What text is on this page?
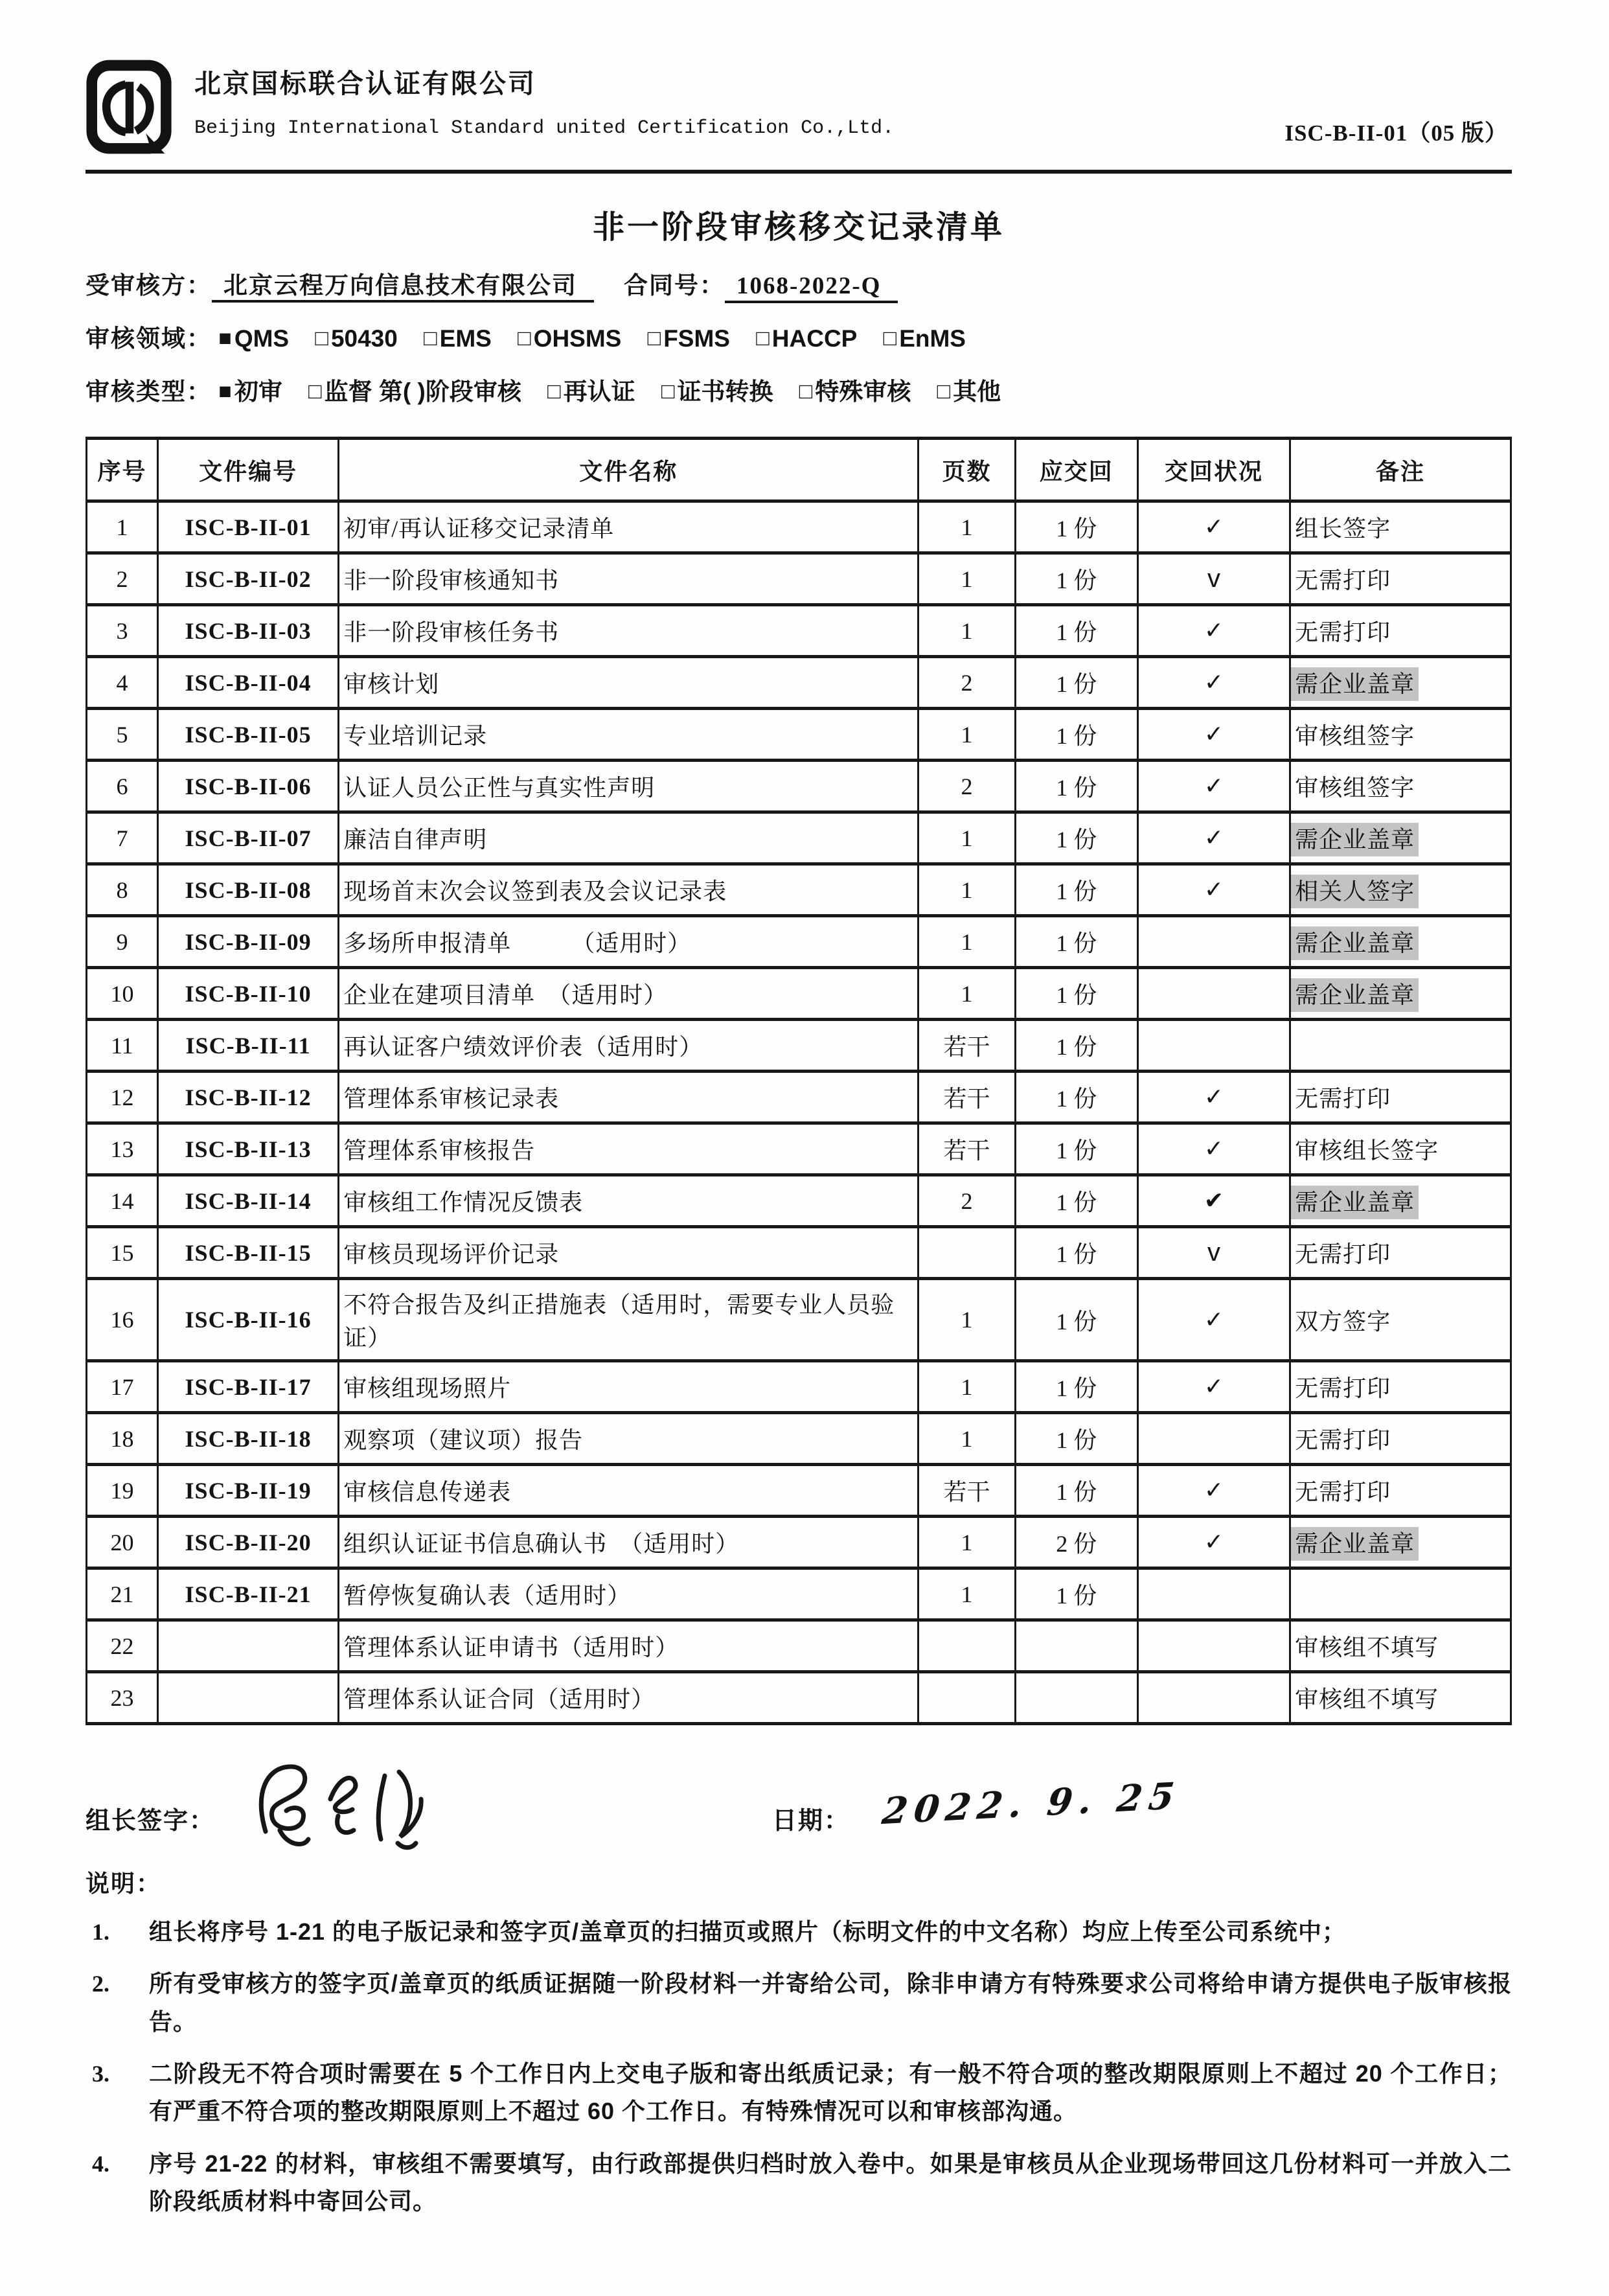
北京国标联合认证有限公司
Beijing International Standard united Certification Co.,Ltd.	ISC-B-II-01（05 版）
非一阶段审核移交记录清单
受审核方： 北京云程万向信息技术有限公司 合同号： 1068-2022-Q
审核领域： ■ QMS □ 50430 □ EMS □ OHSMS □ FSMS □ HACCP □ EnMS
审核类型： ■ 初审 □ 监督 第( )阶段审核 □ 再认证 □ 证书转换 □ 特殊审核 □ 其他
序号	文件编号	文件名称	页数	应交回	交回状况	备注
1	ISC-B-II-01	初审/再认证移交记录清单	1	1 份	✓	组长签字
2	ISC-B-II-02	非一阶段审核通知书	1	1 份	v	无需打印
3	ISC-B-II-03	非一阶段审核任务书	1	1 份	✓	无需打印
4	ISC-B-II-04	审核计划	2	1 份	✓	需企业盖章
5	ISC-B-II-05	专业培训记录	1	1 份	✓	审核组签字
6	ISC-B-II-06	认证人员公正性与真实性声明	2	1 份	✓	审核组签字
7	ISC-B-II-07	廉洁自律声明	1	1 份	✓	需企业盖章
8	ISC-B-II-08	现场首末次会议签到表及会议记录表	1	1 份	✓	相关人签字
9	ISC-B-II-09	多场所申报清单　　　（适用时）	1	1 份		需企业盖章
10	ISC-B-II-10	企业在建项目清单　（适用时）	1	1 份		需企业盖章
11	ISC-B-II-11	再认证客户绩效评价表（适用时）	若干	1 份		
12	ISC-B-II-12	管理体系审核记录表	若干	1 份	✓	无需打印
13	ISC-B-II-13	管理体系审核报告	若干	1 份	✓	审核组长签字
14	ISC-B-II-14	审核组工作情况反馈表	2	1 份	✔	需企业盖章
15	ISC-B-II-15	审核员现场评价记录		1 份	v	无需打印
16	ISC-B-II-16	不符合报告及纠正措施表（适用时，需要专业人员验证）	1	1 份	✓	双方签字
17	ISC-B-II-17	审核组现场照片	1	1 份	✓	无需打印
18	ISC-B-II-18	观察项（建议项）报告	1	1 份		无需打印
19	ISC-B-II-19	审核信息传递表	若干	1 份	✓	无需打印
20	ISC-B-II-20	组织认证证书信息确认书　（适用时）	1	2 份	✓	需企业盖章
21	ISC-B-II-21	暂停恢复确认表（适用时）	1	1 份		
22		管理体系认证申请书（适用时）				审核组不填写
23		管理体系认证合同（适用时）				审核组不填写
组长签字：	日期： 2022. 9. 25
说明：
1.	组长将序号 1-21 的电子版记录和签字页/盖章页的扫描页或照片（标明文件的中文名称）均应上传至公司系统中；
2.	所有受审核方的签字页/盖章页的纸质证据随一阶段材料一并寄给公司，除非申请方有特殊要求公司将给申请方提供电子版审核报告。
3.	二阶段无不符合项时需要在 5 个工作日内上交电子版和寄出纸质记录；有一般不符合项的整改期限原则上不超过 20 个工作日；有严重不符合项的整改期限原则上不超过 60 个工作日。有特殊情况可以和审核部沟通。
4.	序号 21-22 的材料，审核组不需要填写，由行政部提供归档时放入卷中。如果是审核员从企业现场带回这几份材料可一并放入二阶段纸质材料中寄回公司。
